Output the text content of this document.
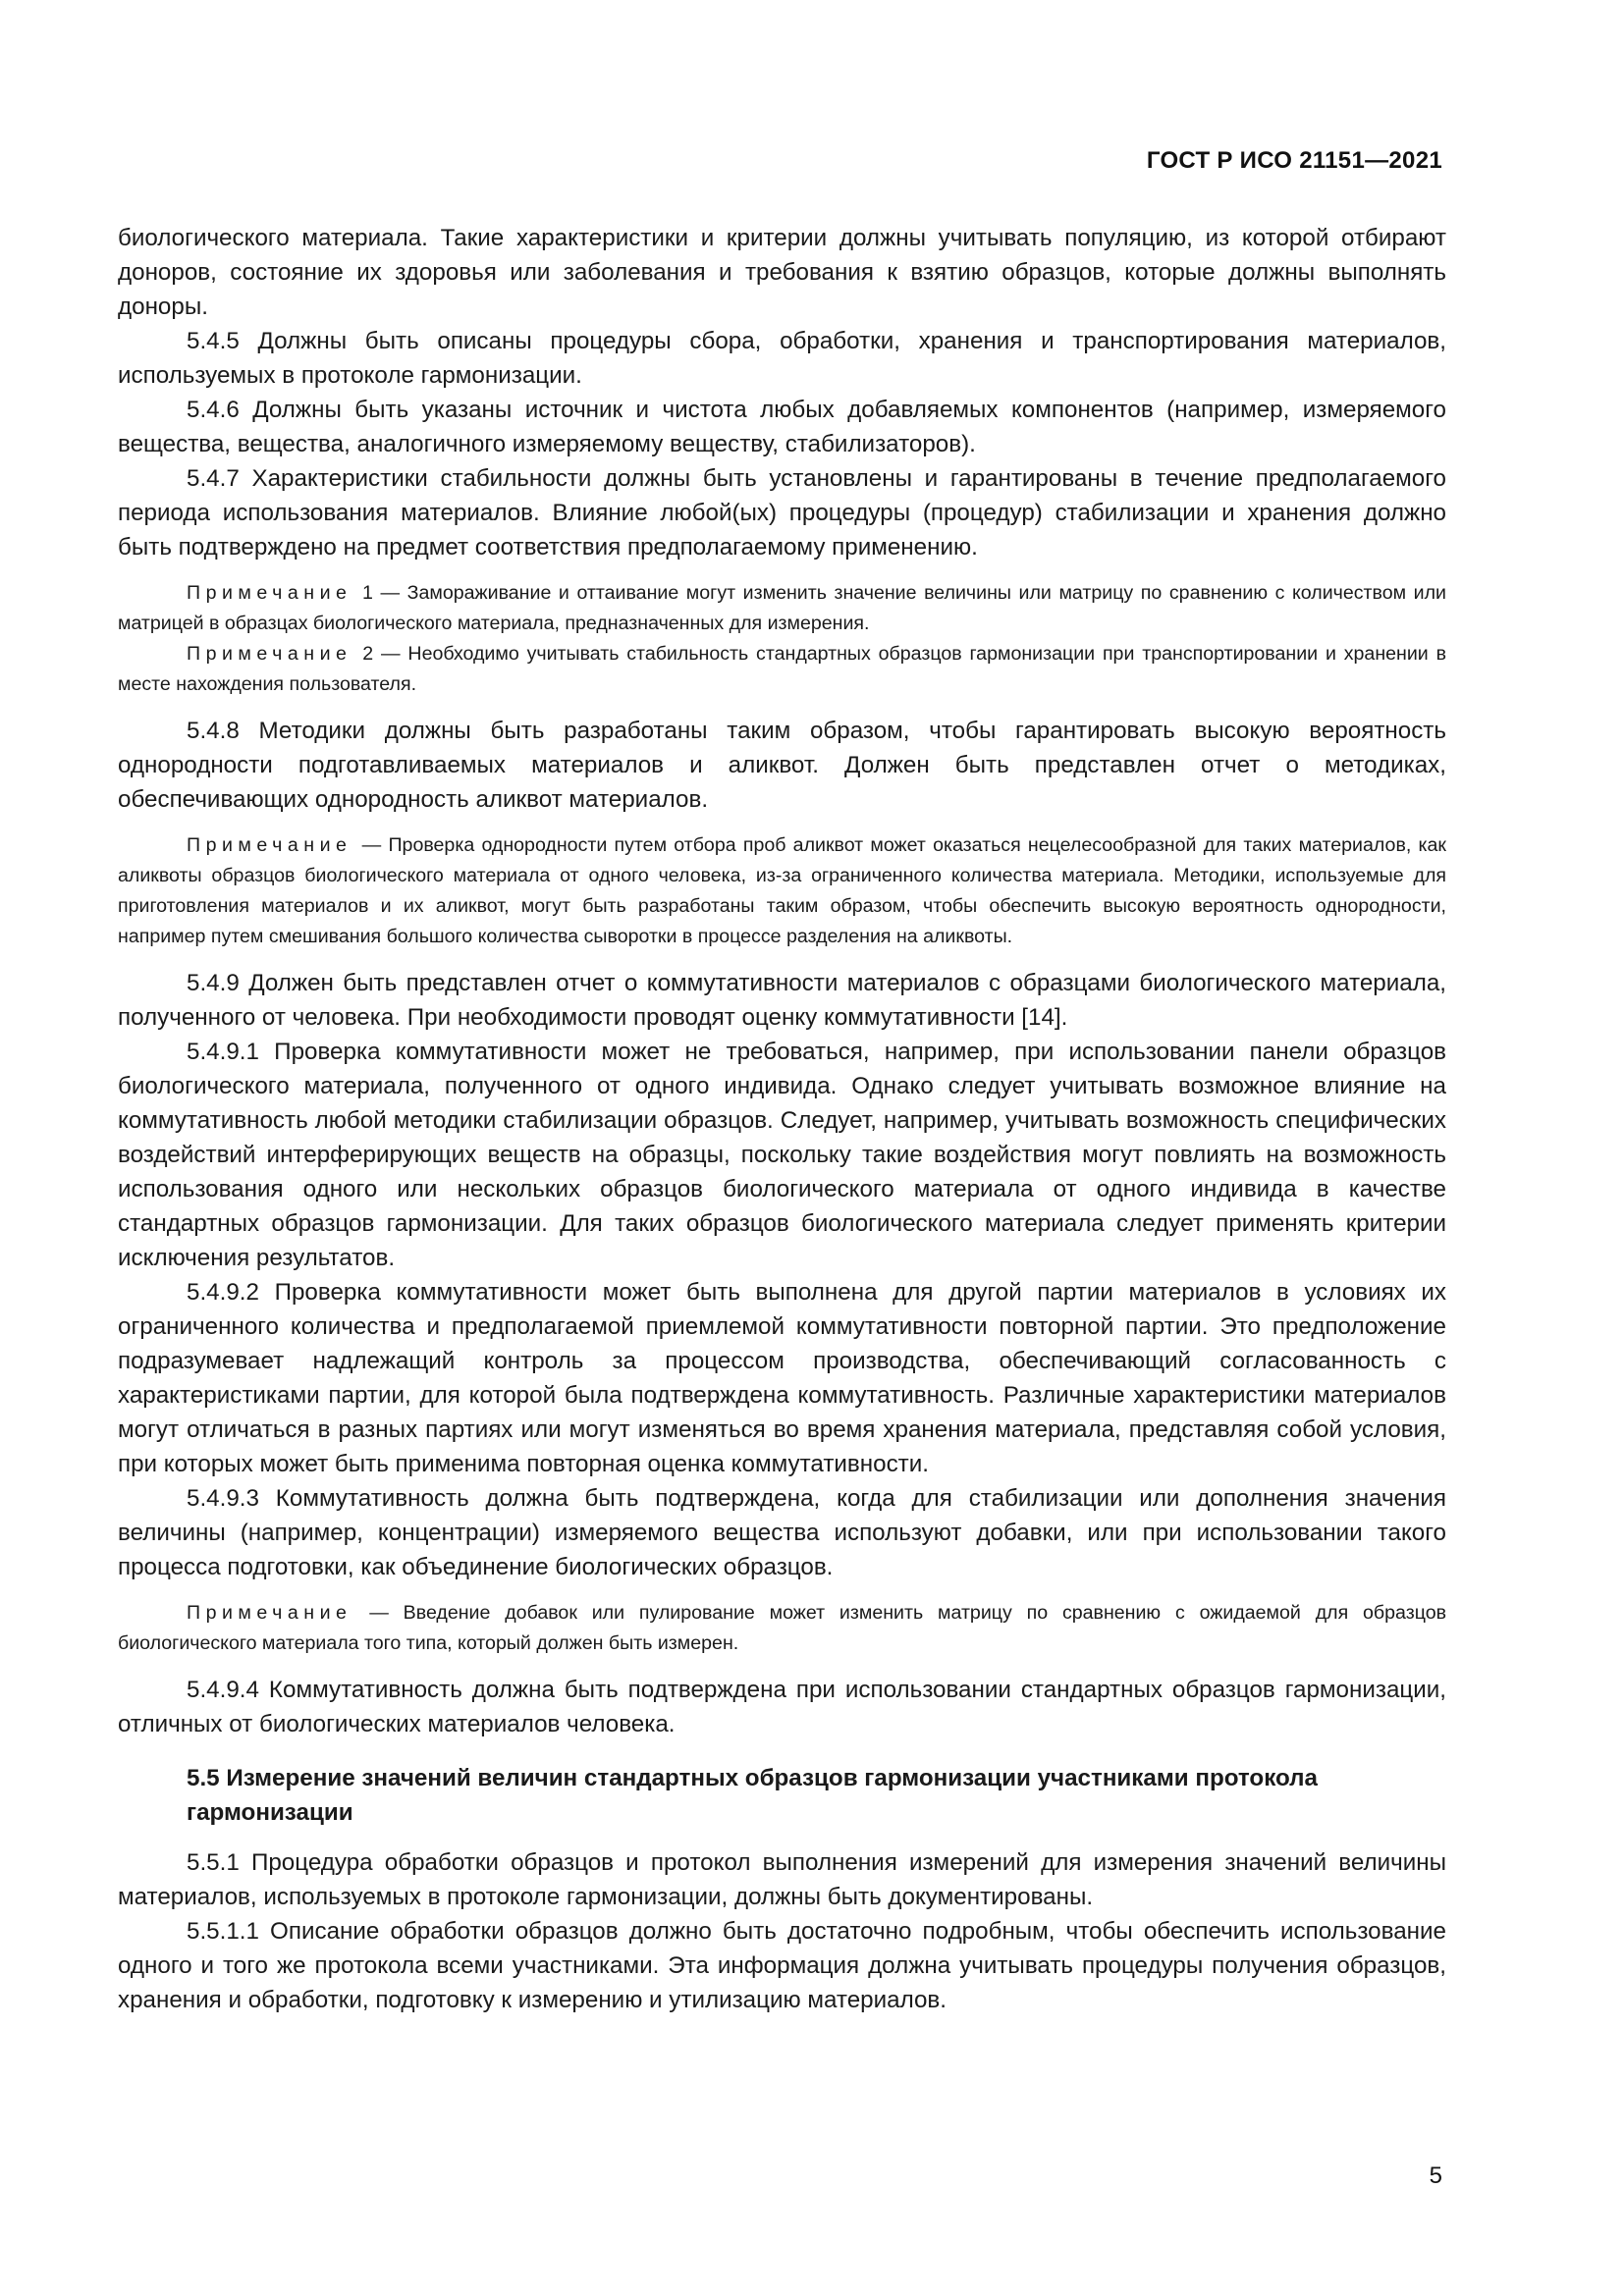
ГОСТ Р ИСО 21151—2021

биологического материала. Такие характеристики и критерии должны учитывать популяцию, из которой отбирают доноров, состояние их здоровья или заболевания и требования к взятию образцов, которые должны выполнять доноры.

5.4.5 Должны быть описаны процедуры сбора, обработки, хранения и транспортирования материалов, используемых в протоколе гармонизации.

5.4.6 Должны быть указаны источник и чистота любых добавляемых компонентов (например, измеряемого вещества, вещества, аналогичного измеряемому веществу, стабилизаторов).

5.4.7 Характеристики стабильности должны быть установлены и гарантированы в течение предполагаемого периода использования материалов. Влияние любой(ых) процедуры (процедур) стабилизации и хранения должно быть подтверждено на предмет соответствия предполагаемому применению.

Примечание 1 — Замораживание и оттаивание могут изменить значение величины или матрицу по сравнению с количеством или матрицей в образцах биологического материала, предназначенных для измерения.

Примечание 2 — Необходимо учитывать стабильность стандартных образцов гармонизации при транспортировании и хранении в месте нахождения пользователя.

5.4.8 Методики должны быть разработаны таким образом, чтобы гарантировать высокую вероятность однородности подготавливаемых материалов и аликвот. Должен быть представлен отчет о методиках, обеспечивающих однородность аликвот материалов.

Примечание — Проверка однородности путем отбора проб аликвот может оказаться нецелесообразной для таких материалов, как аликвоты образцов биологического материала от одного человека, из-за ограниченного количества материала. Методики, используемые для приготовления материалов и их аликвот, могут быть разработаны таким образом, чтобы обеспечить высокую вероятность однородности, например путем смешивания большого количества сыворотки в процессе разделения на аликвоты.

5.4.9 Должен быть представлен отчет о коммутативности материалов с образцами биологического материала, полученного от человека. При необходимости проводят оценку коммутативности [14].

5.4.9.1 Проверка коммутативности может не требоваться, например, при использовании панели образцов биологического материала, полученного от одного индивида. Однако следует учитывать возможное влияние на коммутативность любой методики стабилизации образцов. Следует, например, учитывать возможность специфических воздействий интерферирующих веществ на образцы, поскольку такие воздействия могут повлиять на возможность использования одного или нескольких образцов биологического материала от одного индивида в качестве стандартных образцов гармонизации. Для таких образцов биологического материала следует применять критерии исключения результатов.

5.4.9.2 Проверка коммутативности может быть выполнена для другой партии материалов в условиях их ограниченного количества и предполагаемой приемлемой коммутативности повторной партии. Это предположение подразумевает надлежащий контроль за процессом производства, обеспечивающий согласованность с характеристиками партии, для которой была подтверждена коммутативность. Различные характеристики материалов могут отличаться в разных партиях или могут изменяться во время хранения материала, представляя собой условия, при которых может быть применима повторная оценка коммутативности.

5.4.9.3 Коммутативность должна быть подтверждена, когда для стабилизации или дополнения значения величины (например, концентрации) измеряемого вещества используют добавки, или при использовании такого процесса подготовки, как объединение биологических образцов.

Примечание — Введение добавок или пулирование может изменить матрицу по сравнению с ожидаемой для образцов биологического материала того типа, который должен быть измерен.

5.4.9.4 Коммутативность должна быть подтверждена при использовании стандартных образцов гармонизации, отличных от биологических материалов человека.

5.5 Измерение значений величин стандартных образцов гармонизации участниками протокола гармонизации

5.5.1 Процедура обработки образцов и протокол выполнения измерений для измерения значений величины материалов, используемых в протоколе гармонизации, должны быть документированы.

5.5.1.1 Описание обработки образцов должно быть достаточно подробным, чтобы обеспечить использование одного и того же протокола всеми участниками. Эта информация должна учитывать процедуры получения образцов, хранения и обработки, подготовку к измерению и утилизацию материалов.

5
